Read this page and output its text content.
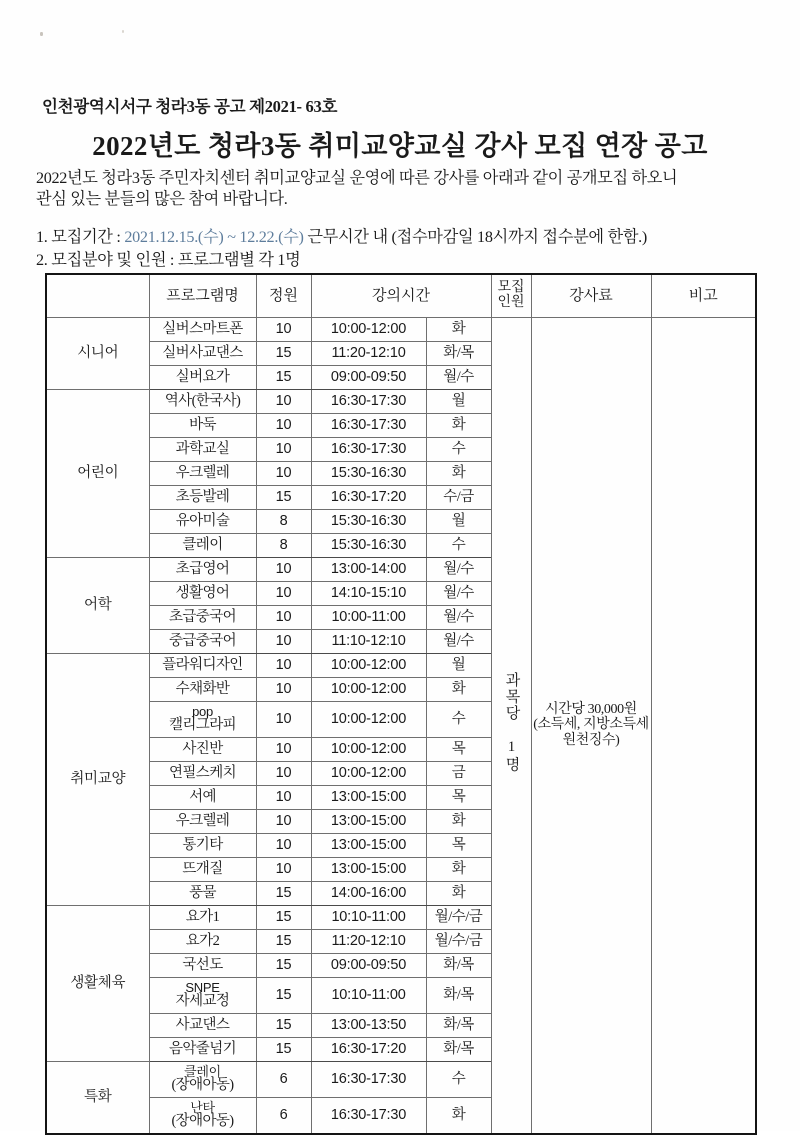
인천광역시서구 청라3동 공고 제2021- 63호
2022년도 청라3동 취미교양교실 강사 모집 연장 공고
2022년도 청라3동 주민자치센터 취미교양교실 운영에 따른 강사를 아래과 같이 공개모집 하오니
관심 있는 분들의 많은 참여 바랍니다.
1. 모집기간 : 2021.12.15.(수) ~ 12.22.(수) 근무시간 내 (접수마감일 18시까지 접수분에 한함.)
2. 모집분야 및 인원 : 프로그램별 각 1명
	프로그램명	정원	강의시간		모집
인원	강사료	비고
시니어	실버스마트폰	10	10:00-12:00	화	과목당 1명	시간당 30,000원
(소득세, 지방소득세
원천징수)	

	실버사교댄스	15	11:20-12:10	화/목			
	실버요가	15	09:00-09:50	월/수			
어린이	역사(한국사)	10	16:30-17:30	월			
	바둑	10	16:30-17:30	화			
	과학교실	10	16:30-17:30	수			
	우크렐레	10	15:30-16:30	화			
	초등발레	15	16:30-17:20	수/금			
	유아미술	8	15:30-16:30	월			
	클레이	8	15:30-16:30	수			
어학	초급영어	10	13:00-14:00	월/수			
	생활영어	10	14:10-15:10	월/수			
	초급중국어	10	10:00-11:00	월/수			
	중급중국어	10	11:10-12:10	월/수			
취미교양	플라워디자인	10	10:00-12:00	월			
	수채화반	10	10:00-12:00	화			

	pop
캘리그라피	10	10:00-12:00	수			
	사진반	10	10:00-12:00	목			
	연필스케치	10	10:00-12:00	금			
	서예	10	13:00-15:00	목			
	우크렐레	10	13:00-15:00	화			
	통기타	10	13:00-15:00	목			
	뜨개질	10	13:00-15:00	화			
	풍물	15	14:00-16:00	화			
생활체육	요가1	15	10:10-11:00	월/수/금			
	요가2	15	11:20-12:10	월/수/금			
	국선도	15	09:00-09:50	화/목			

	SNPE
자세교정	15	10:10-11:00	화/목			
	사교댄스	15	13:00-13:50	화/목			
	음악줄넘기	15	16:30-17:20	화/목			
특화	클레이
(장애아동)	6	16:30-17:30	수			

	난타
(장애아동)	6	16:30-17:30	화			
